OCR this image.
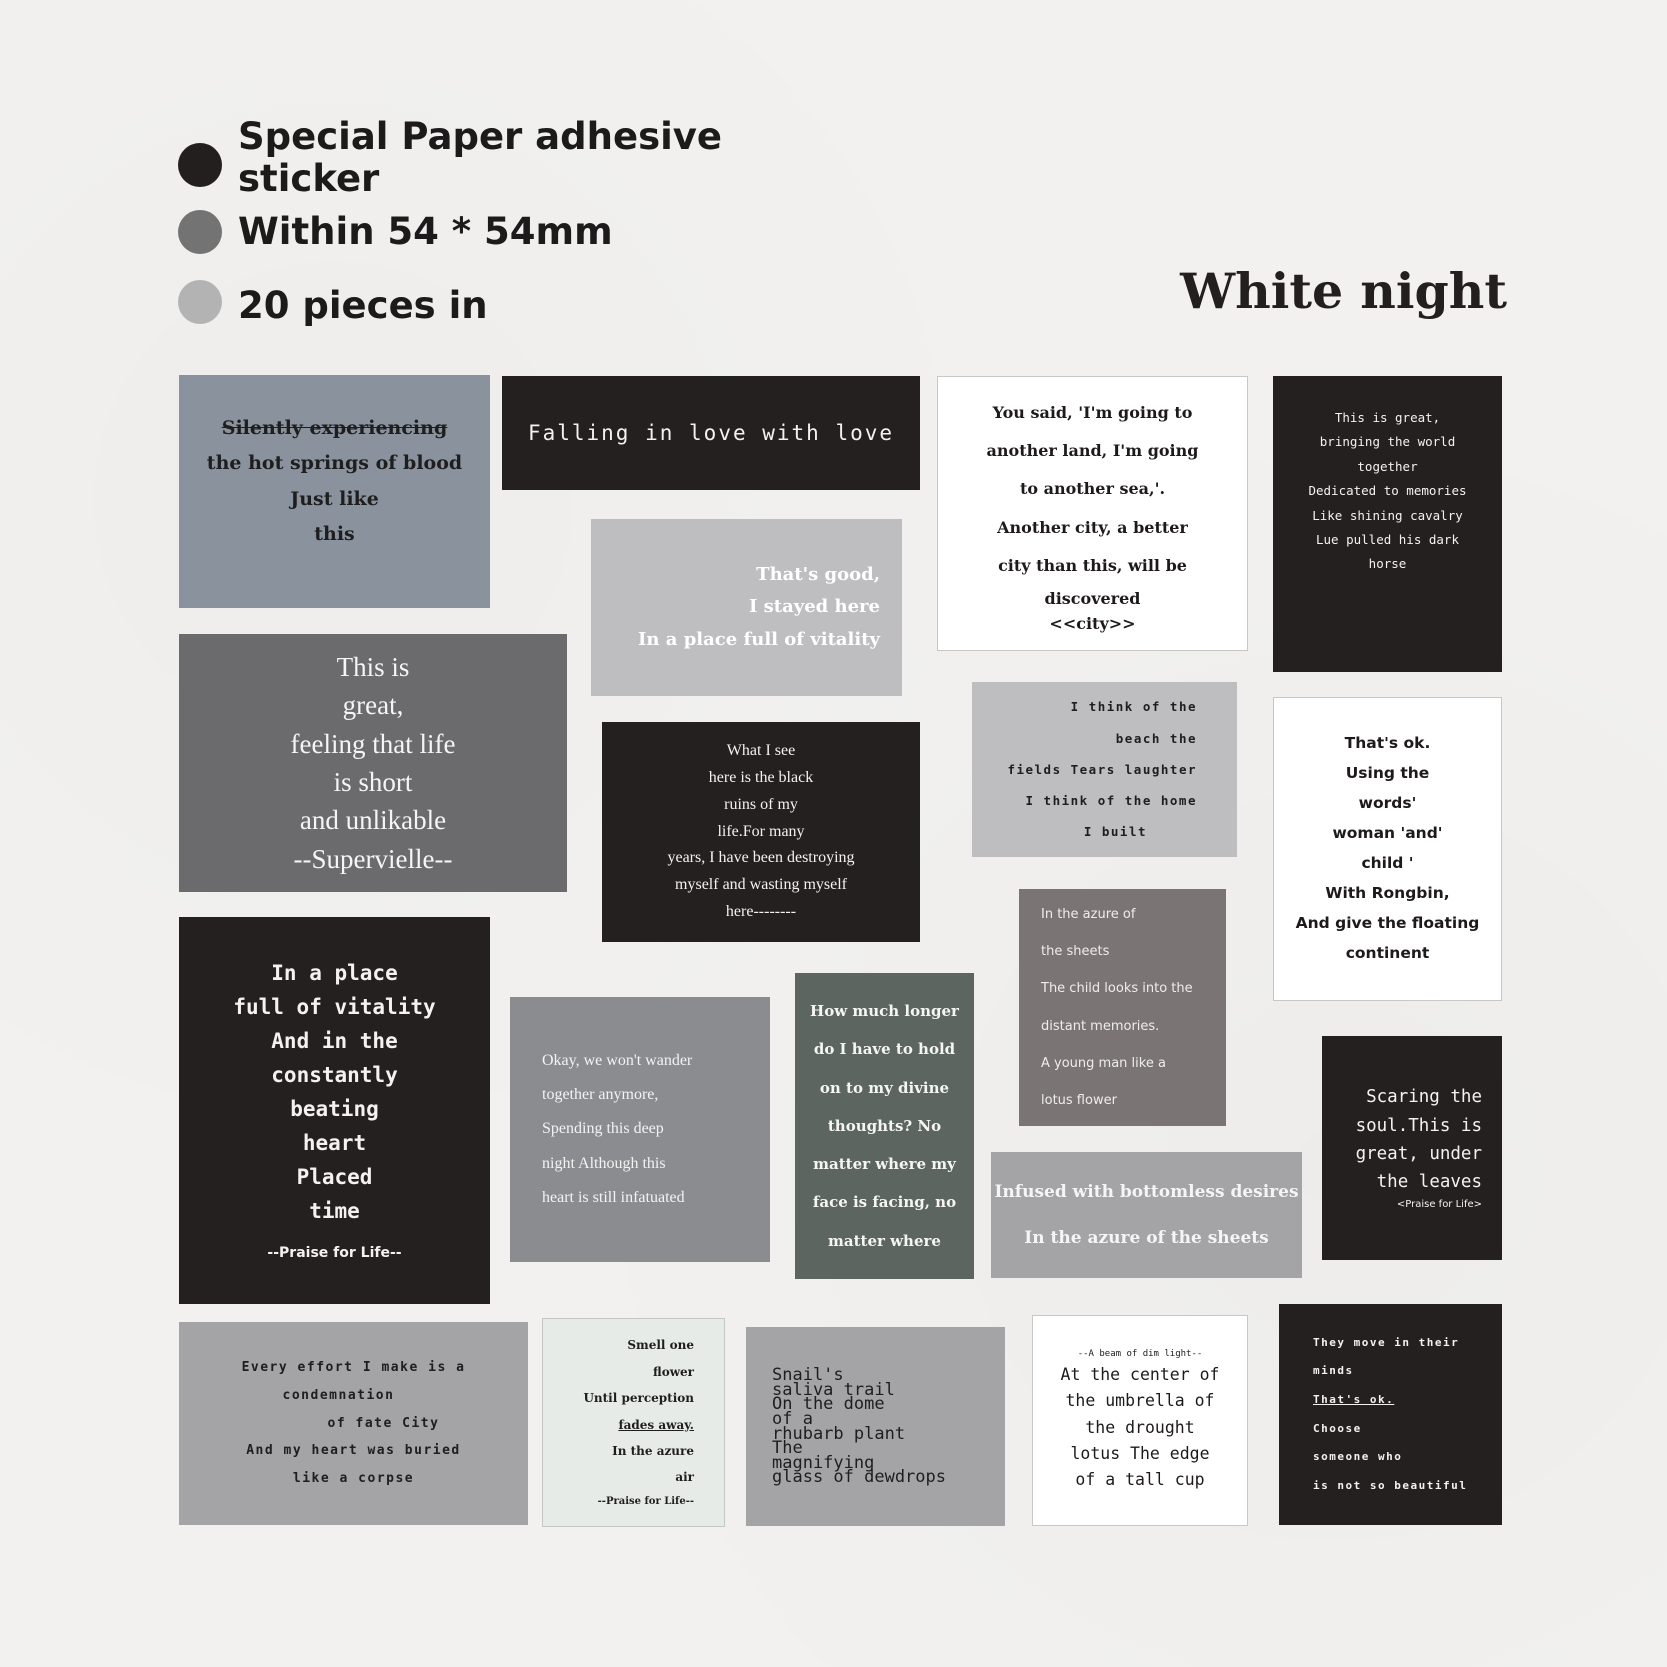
Special Paper adhesive
sticker
Within 54 * 54mm
20 pieces in	White night
Silently experiencing
the hot springs of blood
Just like
this
Falling in love with love
You said, 'I'm going to
another land, I'm going
to another sea,'.
Another city, a better
city than this, will be
discovered
<<city>>
This is great,
bringing the world
together
Dedicated to memories
Like shining cavalry
Lue pulled his dark
horse
That's good,
I stayed here
In a place full of vitality
This is
great,
feeling that life
is short
and unlikable
--Supervielle--
What I see
here is the black
ruins of my
life.For many
years, I have been destroying
myself and wasting myself
here--------
I think of the
beach the
fields Tears laughter
I think of the home
I built
That's ok.
Using the
words'
woman 'and'
child '
With Rongbin,
And give the floating
continent
In a place
full of vitality
And in the
constantly
beating
heart
Placed
time
--Praise for Life--
In the azure of
the sheets
The child looks into the
distant memories.
A young man like a
lotus flower
Okay, we won't wander
together anymore,
Spending this deep
night Although this
heart is still infatuated
How much longer
do I have to hold
on to my divine
thoughts? No
matter where my
face is facing, no
matter where
Scaring the
soul.This is
great, under
the leaves
<Praise for Life>
Infused with bottomless desires
In the azure of the sheets
Every effort I make is a
condemnation
of fate City
And my heart was buried
like a corpse
Smell one
flower
Until perception
fades away.
In the azure
air
--Praise for Life--
Snail's
saliva trail
On the dome
of a
rhubarb plant
The
magnifying
glass of dewdrops
--A beam of dim light--
At the center of
the umbrella of
the drought
lotus The edge
of a tall cup
They move in their
minds
That's ok.
Choose
someone who
is not so beautiful
